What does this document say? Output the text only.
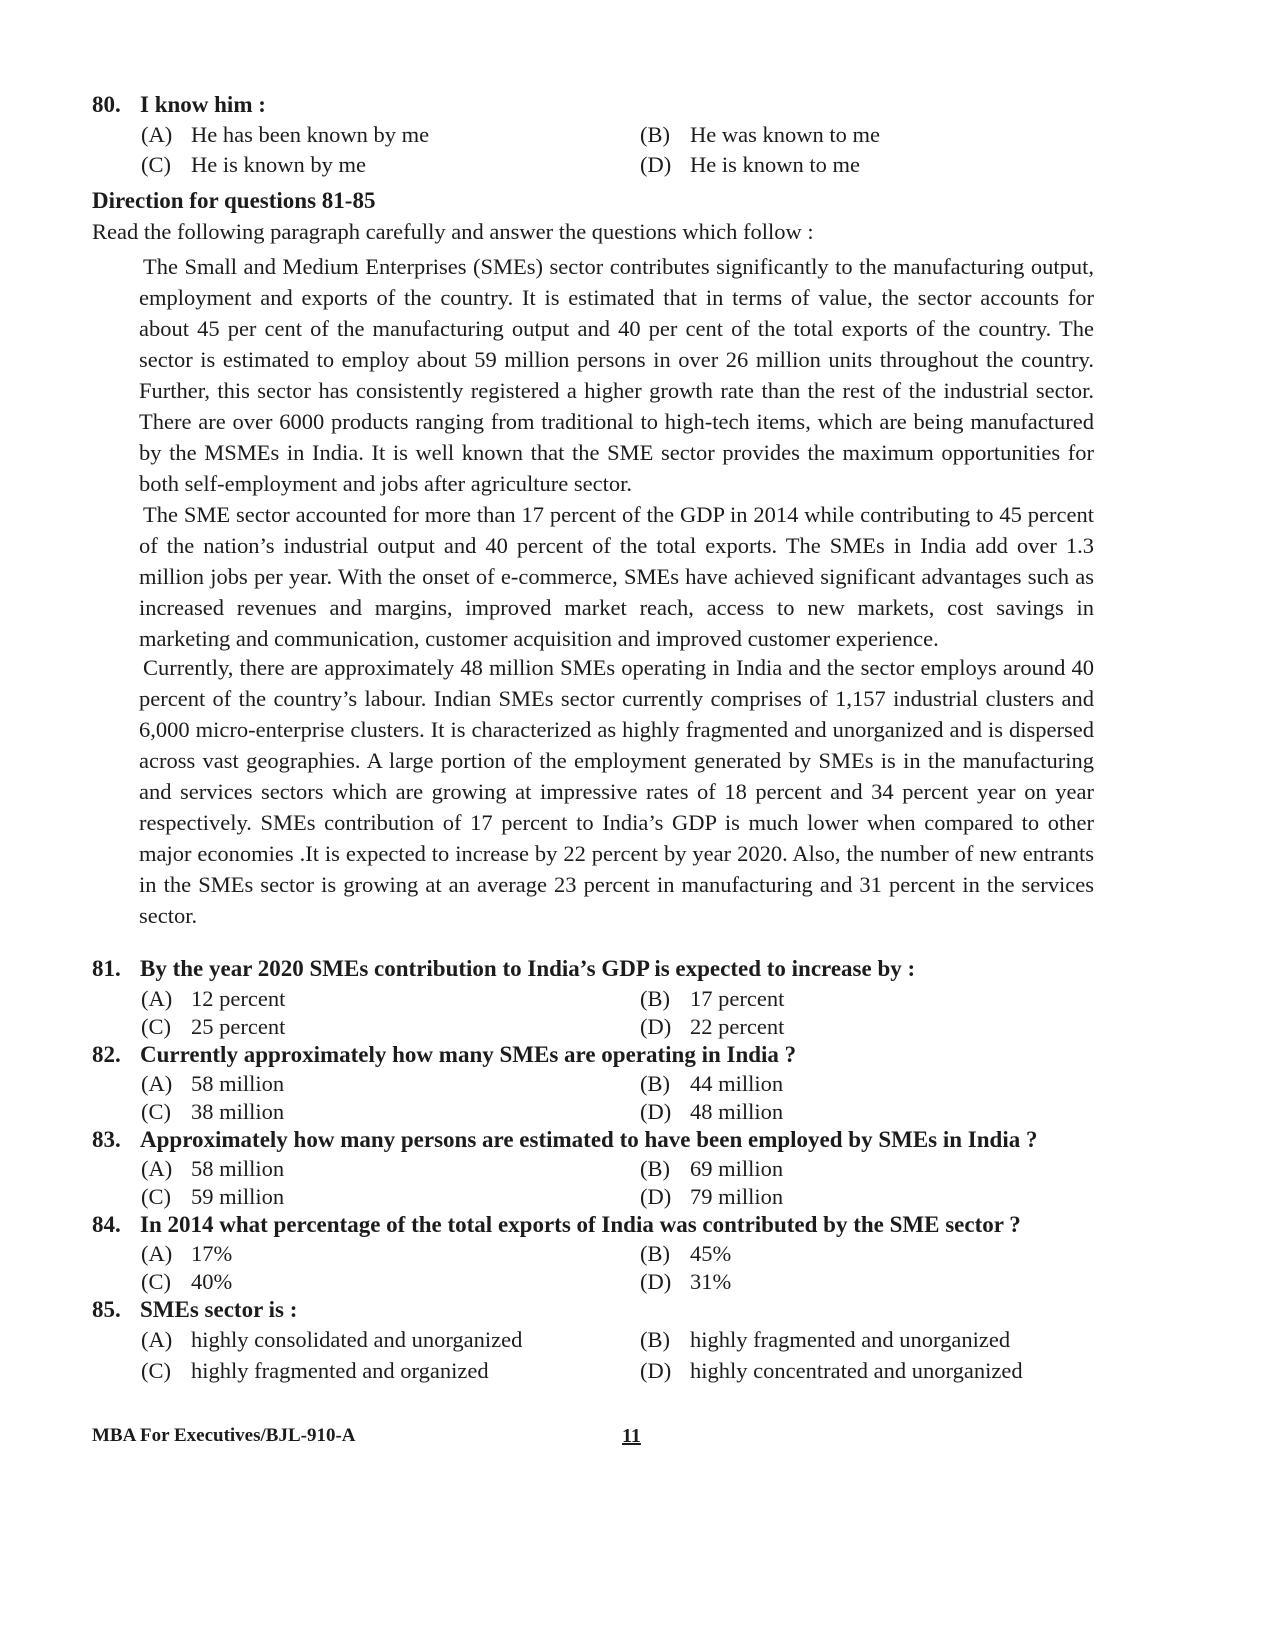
80. I know him :
(A) He has been known by me	(B) He was known to me
(C) He is known by me	(D) He is known to me
Direction for questions 81-85
Read the following paragraph carefully and answer the questions which follow :
The Small and Medium Enterprises (SMEs) sector contributes significantly to the manufacturing output, employment and exports of the country. It is estimated that in terms of value, the sector accounts for about 45 per cent of the manufacturing output and 40 per cent of the total exports of the country. The sector is estimated to employ about 59 million persons in over 26 million units throughout the country. Further, this sector has consistently registered a higher growth rate than the rest of the industrial sector. There are over 6000 products ranging from traditional to high-tech items, which are being manufactured by the MSMEs in India. It is well known that the SME sector provides the maximum opportunities for both self-employment and jobs after agriculture sector.
The SME sector accounted for more than 17 percent of the GDP in 2014 while contributing to 45 percent of the nation’s industrial output and 40 percent of the total exports. The SMEs in India add over 1.3 million jobs per year. With the onset of e-commerce, SMEs have achieved significant advantages such as increased revenues and margins, improved market reach, access to new markets, cost savings in marketing and communication, customer acquisition and improved customer experience.
Currently, there are approximately 48 million SMEs operating in India and the sector employs around 40 percent of the country’s labour. Indian SMEs sector currently comprises of 1,157 industrial clusters and 6,000 micro-enterprise clusters. It is characterized as highly fragmented and unorganized and is dispersed across vast geographies. A large portion of the employment generated by SMEs is in the manufacturing and services sectors which are growing at impressive rates of 18 percent and 34 percent year on year respectively. SMEs contribution of 17 percent to India’s GDP is much lower when compared to other major economies .It is expected to increase by 22 percent by year 2020. Also, the number of new entrants in the SMEs sector is growing at an average 23 percent in manufacturing and 31 percent in the services sector.
81. By the year 2020 SMEs contribution to India’s GDP is expected to increase by :
(A) 12 percent	(B) 17 percent
(C) 25 percent	(D) 22 percent
82. Currently approximately how many SMEs are operating in India ?
(A) 58 million	(B) 44 million
(C) 38 million	(D) 48 million
83. Approximately how many persons are estimated to have been employed by SMEs in India ?
(A) 58 million	(B) 69 million
(C) 59 million	(D) 79 million
84. In 2014 what percentage of the total exports of India was contributed by the SME sector ?
(A) 17%	(B) 45%
(C) 40%	(D) 31%
85. SMEs sector is :
(A) highly consolidated and unorganized	(B) highly fragmented and unorganized
(C) highly fragmented and organized	(D) highly concentrated and unorganized
MBA For Executives/BJL-910-A	11
